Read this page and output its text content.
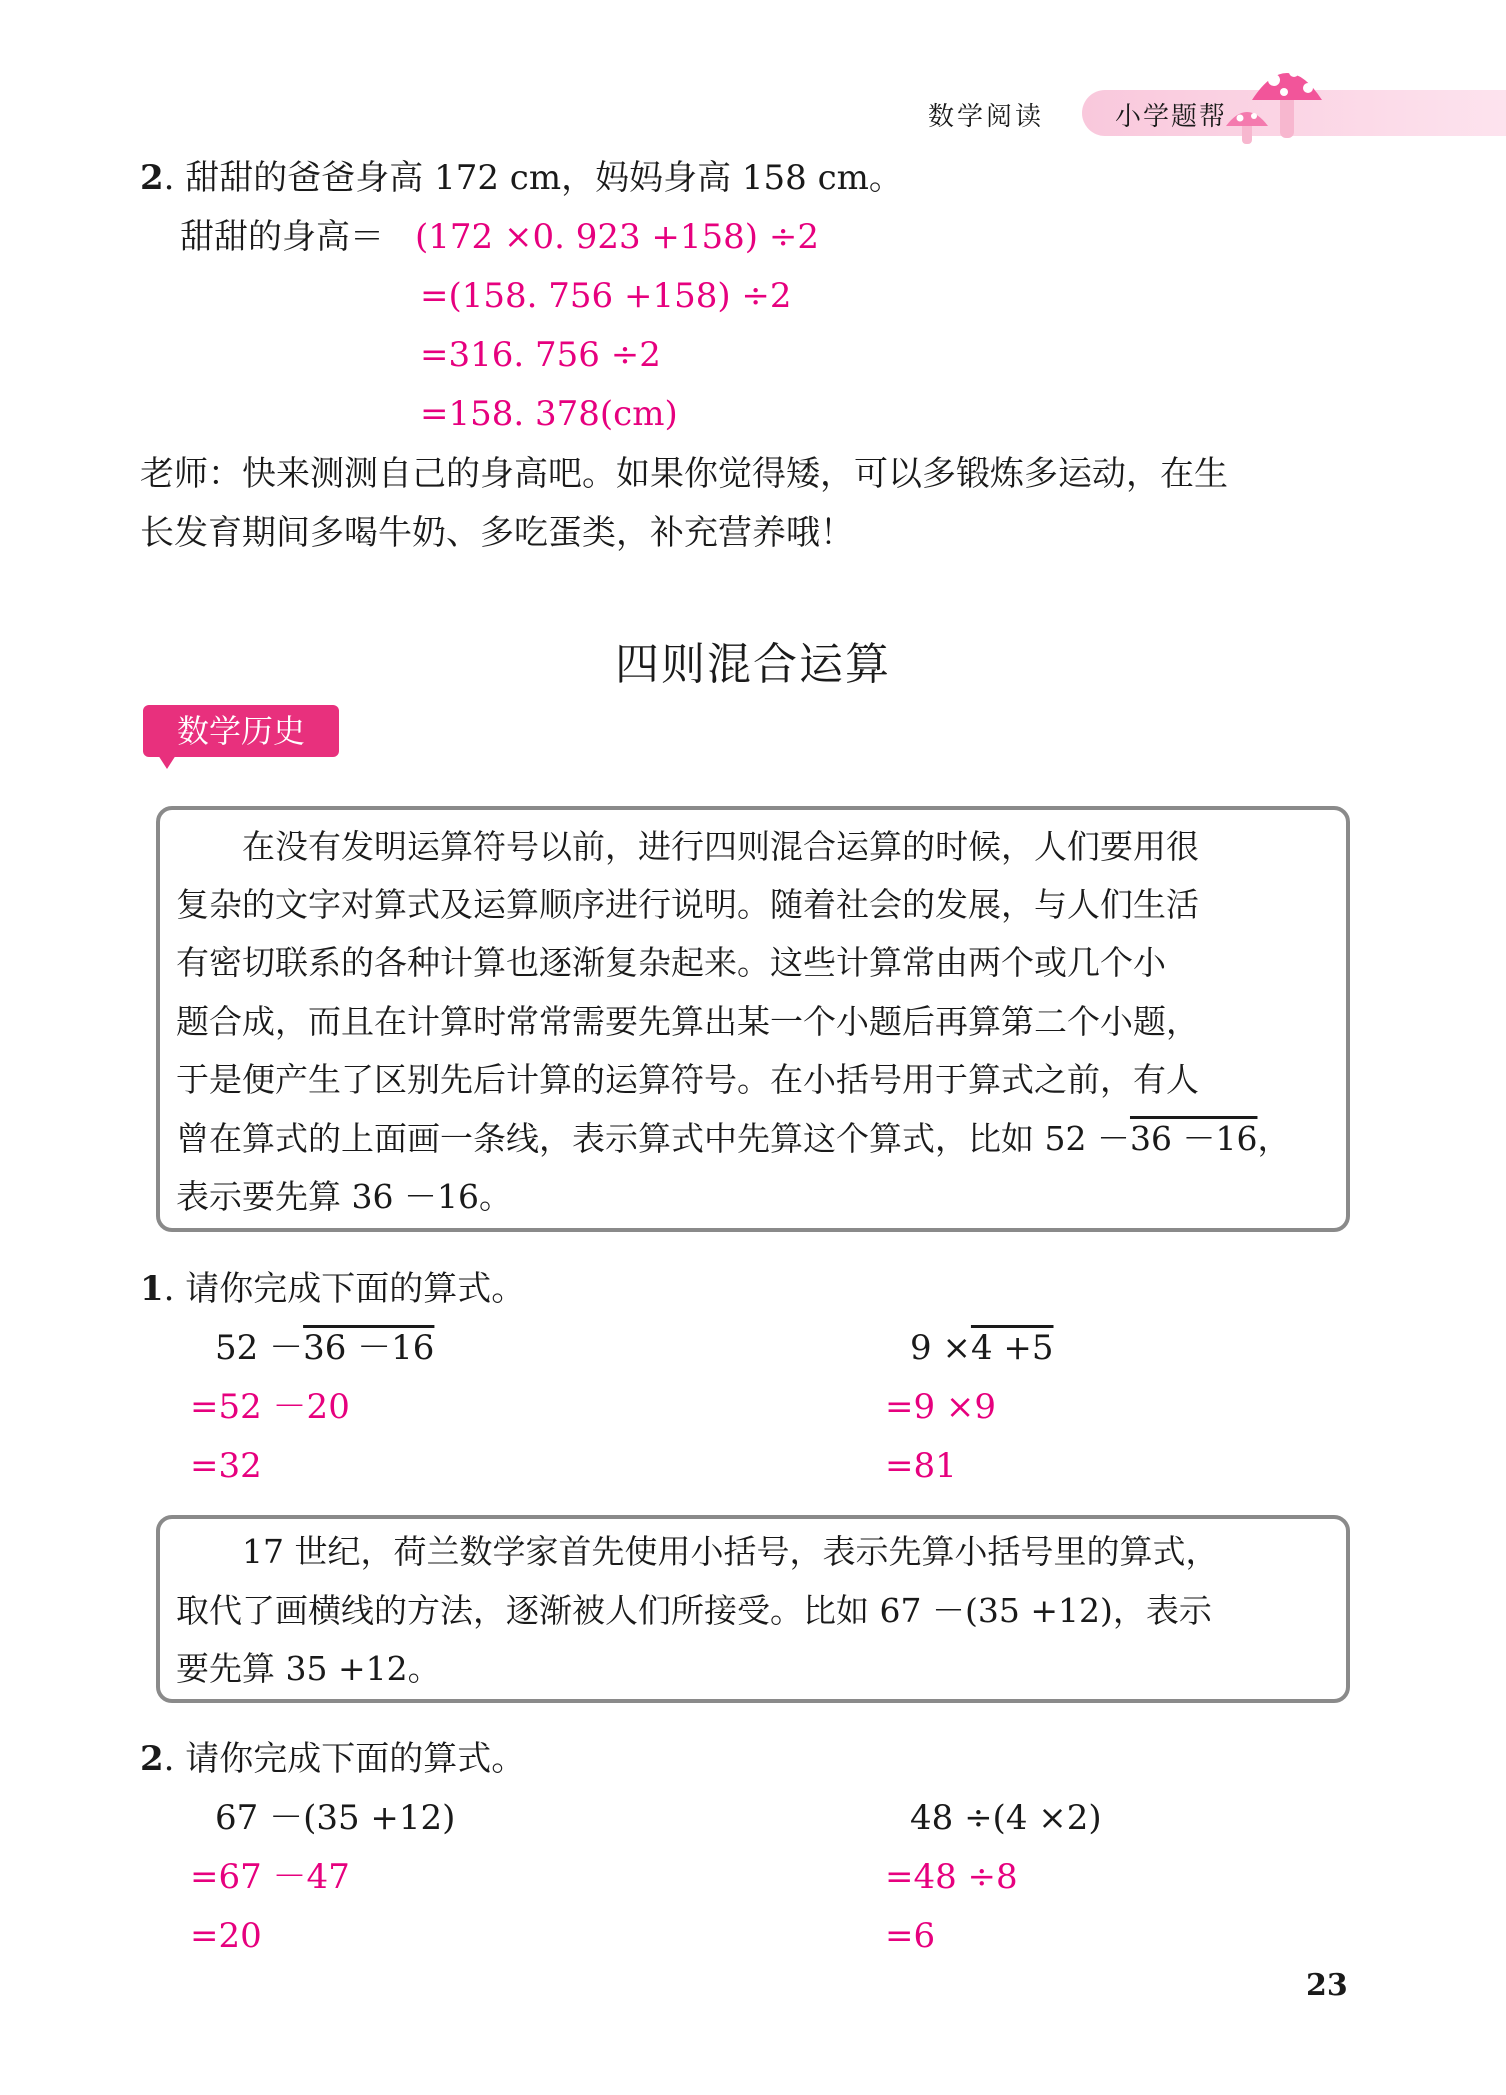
数学阅读	小学题帮
2. 甜甜的爸爸身高 172 cm，妈妈身高 158 cm。
甜甜的身高＝ (172 ×0. 923 +158) ÷2
=(158. 756 +158) ÷2
=316. 756 ÷2
=158. 378(cm)
老师：快来测测自己的身高吧。如果你觉得矮，可以多锻炼多运动，在生
长发育期间多喝牛奶、多吃蛋类，补充营养哦！
四则混合运算
数学历史
　　在没有发明运算符号以前，进行四则混合运算的时候，人们要用很
复杂的文字对算式及运算顺序进行说明。随着社会的发展，与人们生活
有密切联系的各种计算也逐渐复杂起来。这些计算常由两个或几个小
题合成，而且在计算时常常需要先算出某一个小题后再算第二个小题，
于是便产生了区别先后计算的运算符号。在小括号用于算式之前，有人
曾在算式的上面画一条线，表示算式中先算这个算式，比如 52 －36 －16，
表示要先算 36 －16。
1. 请你完成下面的算式。
52 －36 －16
=52 －20
=32
9 ×4 +5
=9 ×9
=81
　　17 世纪，荷兰数学家首先使用小括号，表示先算小括号里的算式，
取代了画横线的方法，逐渐被人们所接受。比如 67 －(35 +12)，表示
要先算 35 +12。
2. 请你完成下面的算式。
67 －(35 +12)
=67 －47
=20
48 ÷(4 ×2)
=48 ÷8
=6
23
